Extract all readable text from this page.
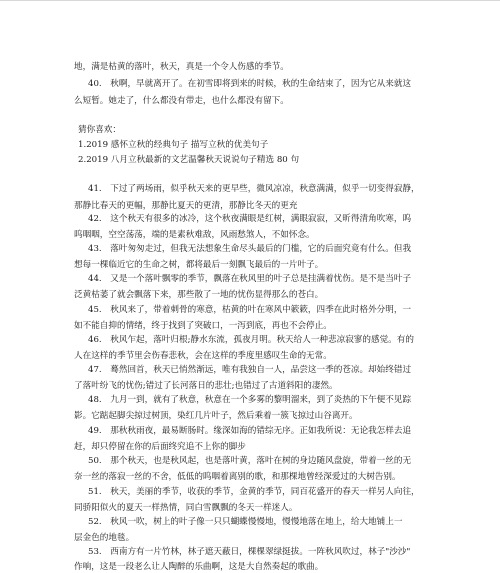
地，满是枯黄的落叶，秋天，真是一个令人伤感的季节。
40.　秋啊，早就离开了。在初雪即将到来的时候，秋的生命结束了，因为它从来就这
么短暂。她走了，什么都没有带走，也什么都没有留下。
猜你喜欢：
1.2019 感怀立秋的经典句子 描写立秋的优美句子
2.2019 八月立秋最新的文艺温馨秋天说说句子精选 80 句
41.　下过了两场雨，似乎秋天来的更早些，微风凉凉，秋意满满，似乎一切变得寂静，
那静比春天的更幅，那静比夏天的更清，那静比冬天的更充
42.　这个秋天有很多的冰冷，这个秋夜满眼是红树，满眼寂寂，又昕得清角吹寒，呜
呜咽咽，空空荡荡，端的是素秋难敌，风雨愁煞人，不如怀念。
43.　落叶匆匆走过，但我无法想象生命尽头最后的门槛，它的后面究竟有什么。但我
想每一棵临近它的生命之树，都将最后一刻飘飞最后的一片叶子。
44.　又是一个落叶飘零的季节，飘落在秋风里的叶子总是挂满着忧伤。是不是当叶子
泛黄枯萎了就会飘落下来，那些散了一地的忧伤显得那么的苍白。
45.　秋风来了，带着刺骨的寒意，枯黄的叶在寒风中簌簌，四季在此时格外分明，一
如不能自抑的情绪，终于找到了突破口，一泻到底，再也不会停止。
46.　秋风乍起，落叶归根;静水东流，孤夜月明。秋天给人一种悲凉寂寥的感觉。有的
人在这样的季节里会伤春悲秋，会在这样的季度里感叹生命的无常。
47.　蓦然回首，秋天已悄然渐远，唯有我独自一人，品尝这一季的苍凉。却始终错过
了落叶纷飞的忧伤;错过了长河落日的悲壮;也错过了古道斜阳的凄然。
48.　九月一到，就有了秋意，秋意在一个多雾的黎明溜来，到了炎热的下午便不见踪
影。它踮起脚尖掠过树顶，染红几片叶子，然后乘着一簇飞掠过山谷离开。
49.　那秋秋雨夜，最易断肠时。缘深如海的错综无序。正如我所说：无论我怎样去追
赶，却只停留在你的后面终究追不上你的脚步
50.　那个秋天，也是秋风起，也是落叶黄，落叶在树的身边随风盘旋，带着一丝的无
奈一丝的落寂一丝的不舍，低低的呜咽着离别的歌，和那棵地曾经深爱过的大树告别。
51.　秋天，美丽的季节，收获的季节，金黄的季节，同百花盛开的春天一样另人向往，
同骄阳似火的夏天一样热情，同白雪飘飘的冬天一样迷人。
52.　秋风一吹，树上的叶子像一只只蝴蝶慢慢地，慢慢地落在地上，给大地铺上一
层金色的地毯。
53.　西南方有一片竹林，林子遮天蔽日，棵棵翠绿挺拔。一阵秋风吹过，林子"沙沙"
作响，这是一段老么让人陶醉的乐曲啊，这是大自然奏起的歌曲。
